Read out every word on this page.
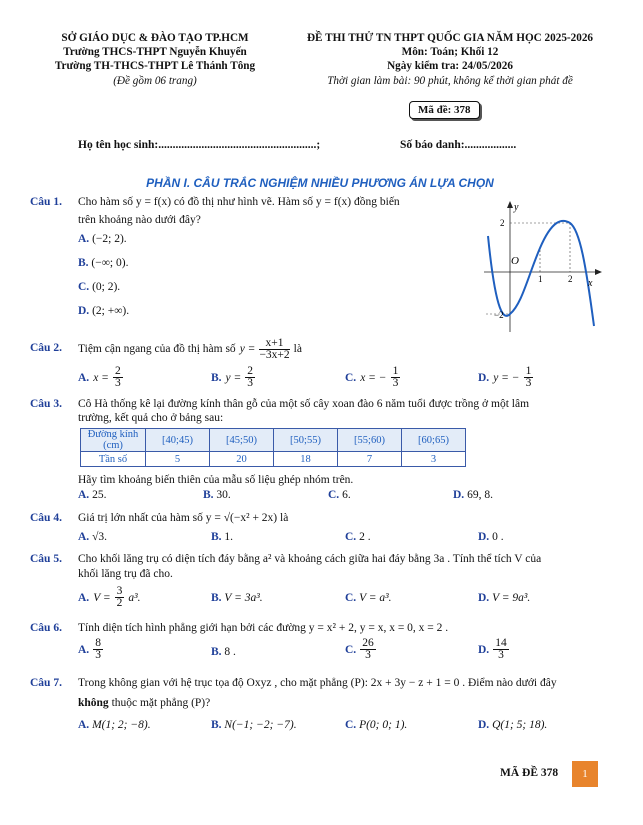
SỞ GIÁO DỤC & ĐÀO TẠO TP.HCM
Trường THCS-THPT Nguyễn Khuyến
Trường TH-THCS-THPT Lê Thánh Tông
(Đề gồm 06 trang)
ĐỀ THI THỬ TN THPT QUỐC GIA NĂM HỌC 2025-2026
Môn: Toán; Khối 12
Ngày kiểm tra: 24/05/2026
Thời gian làm bài: 90 phút, không kể thời gian phát đề
Mã đề: 378
Họ tên học sinh:.......................................................;	Số báo danh:..................
PHẦN I. CÂU TRẮC NGHIỆM NHIỀU PHƯƠNG ÁN LỰA CHỌN
Câu 1. Cho hàm số y = f(x) có đồ thị như hình vẽ. Hàm số y = f(x) đồng biến
trên khoảng nào dưới đây?
A. (−2; 2).
B. (−∞; 0).
C. (0; 2).
D. (2; +∞).
y
x
O
2
−2
1	2
Câu 2. Tiệm cận ngang của đồ thị hàm số $y = \frac{x+1}{-3x+2}$ là
A. $x = \frac{2}{3}$	B. $y = \frac{2}{3}$	C. x = − $\frac{1}{3}$	D. y = − $\frac{1}{3}$
Câu 3. Cô Hà thống kê lại đường kính thân gỗ của một số cây xoan đào 6 năm tuổi được trồng ở một lâm
trường, kết quả cho ở bảng sau:
Đường kính
(cm)	[40;45)	[45;50)	[50;55)	[55;60)	[60;65)
Tần số	5	20	18	7	3
Hãy tìm khoảng biến thiên của mẫu số liệu ghép nhóm trên.
A. 25.	B. 30.	C. 6.	D. 69, 8.
Câu 4. Giá trị lớn nhất của hàm số y = √(−x² + 2x) là
A. √3.	B. 1.	C. 2 .	D. 0 .
Câu 5. Cho khối lăng trụ có diện tích đáy bằng a² và khoảng cách giữa hai đáy bằng 3a . Tính thể tích V của
khối lăng trụ đã cho.
A. $V = \frac{3}{2} a^3$.	B. V = 3a³.	C. V = a³.	D. V = 9a³.
Câu 6. Tính diện tích hình phẳng giới hạn bởi các đường y = x² + 2, y = x, x = 0, x = 2 .
A. $\frac{8}{3}$	B. 8 .	C. $\frac{26}{3}$	D. $\frac{14}{3}$
Câu 7. Trong không gian với hệ trục tọa độ Oxyz , cho mặt phẳng (P): 2x + 3y − z + 1 = 0 . Điểm nào dưới đây
không thuộc mặt phẳng (P)?
A. M(1; 2; −8).	B. N(−1; −2; −7).	C. P(0; 0; 1).	D. Q(1; 5; 18).
MÃ ĐỀ 378	1
